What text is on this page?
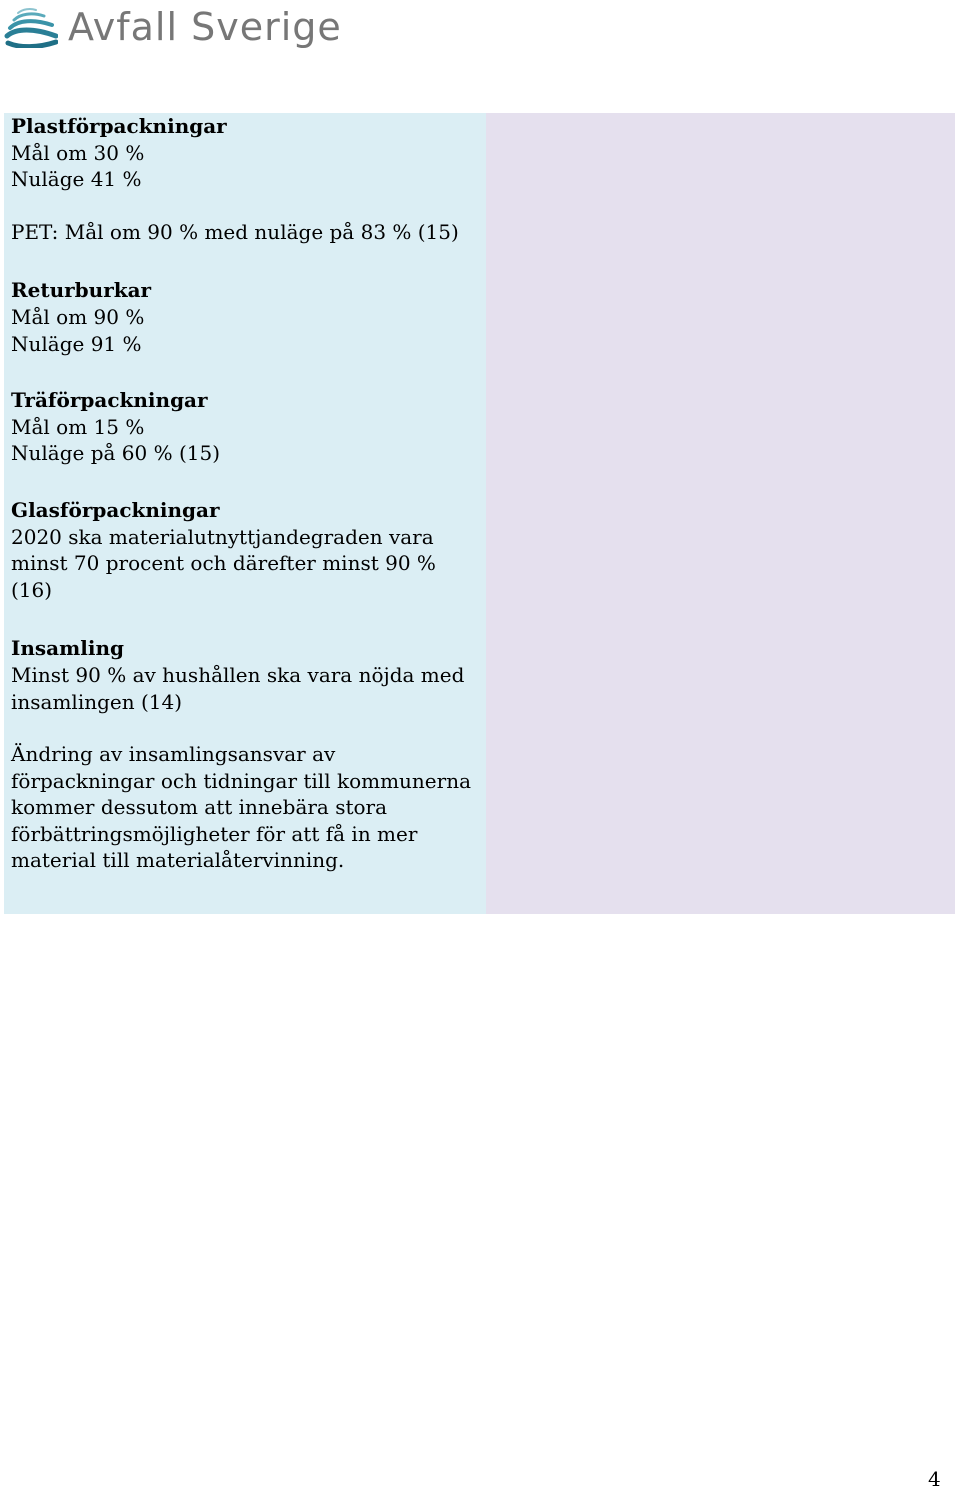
Avfall Sverige
Plastförpackningar
Mål om 30 %
Nuläge 41 %
PET: Mål om 90 % med nuläge på 83 % (15)
Returburkar
Mål om 90 %
Nuläge 91 %
Träförpackningar
Mål om 15 %
Nuläge på 60 % (15)
Glasförpackningar
2020 ska materialutnyttjandegraden vara
minst 70 procent och därefter minst 90 %
(16)
Insamling
Minst 90 % av hushållen ska vara nöjda med
insamlingen (14)
Ändring av insamlingsansvar av
förpackningar och tidningar till kommunerna
kommer dessutom att innebära stora
förbättringsmöjligheter för att få in mer
material till materialåtervinning.
4
